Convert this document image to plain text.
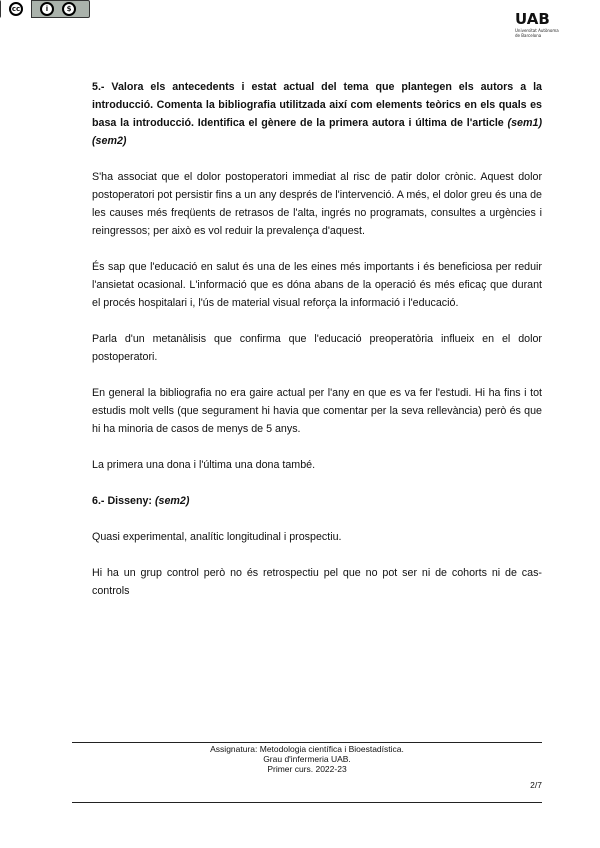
cc	i	$
UAB
Universitat Autònoma
de Barcelona

5.- Valora els antecedents i estat actual del tema que plantegen els autors a la introducció. Comenta la bibliografia utilitzada així com elements teòrics en els quals es basa la introducció. Identifica el gènere de la primera autora i última de l'article (sem1)(sem2)

S'ha associat que el dolor postoperatori immediat al risc de patir dolor crònic. Aquest dolor postoperatori pot persistir fins a un any després de l'intervenció. A més, el dolor greu és una de les causes més freqüents de retrasos de l'alta, ingrés no programats, consultes a urgències i reingressos; per això es vol reduir la prevalença d'aquest.

És sap que l'educació en salut és una de les eines més importants i és beneficiosa per reduir l'ansietat ocasional. L'informació que es dóna abans de la operació és més eficaç que durant el procés hospitalari i, l'ús de material visual reforça la informació i l'educació.

Parla d'un metanàlisis que confirma que l'educació preoperatòria influeix en el dolor postoperatori.

En general la bibliografia no era gaire actual per l'any en que es va fer l'estudi. Hi ha fins i tot estudis molt vells (que segurament hi havia que comentar per la seva rellevància) però és que hi ha minoria de casos de menys de 5 anys.

La primera una dona i l'última una dona també.

6.- Disseny: (sem2)

Quasi experimental, analític longitudinal i prospectiu.

Hi ha un grup control però no és retrospectiu pel que no pot ser ni de cohorts ni de cas-controls

Assignatura: Metodologia científica i Bioestadística.
Grau d'infermeria UAB.
Primer curs. 2022-23
2/7
